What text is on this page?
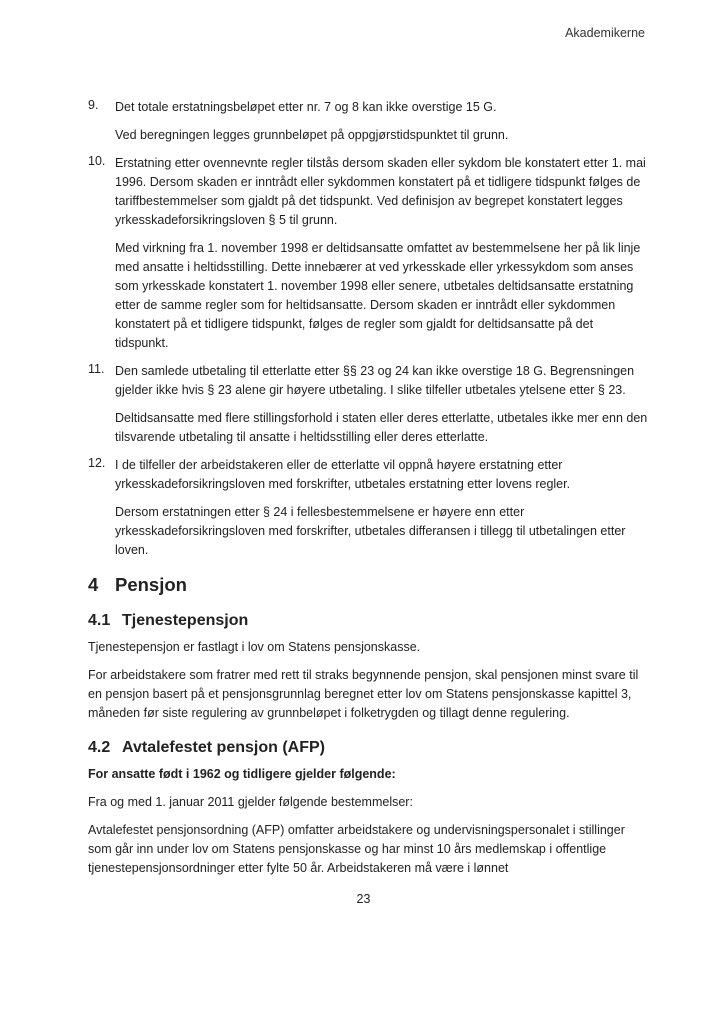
Akademikerne
9. Det totale erstatningsbeløpet etter nr. 7 og 8 kan ikke overstige 15 G.

Ved beregningen legges grunnbeløpet på oppgjørstidspunktet til grunn.

10. Erstatning etter ovennevnte regler tilstås dersom skaden eller sykdom ble konstatert etter 1. mai 1996. Dersom skaden er inntrådt eller sykdommen konstatert på et tidligere tidspunkt følges de tariffbestemmelser som gjaldt på det tidspunkt. Ved definisjon av begrepet konstatert legges yrkesskadeforsikringsloven § 5 til grunn.

Med virkning fra 1. november 1998 er deltidsansatte omfattet av bestemmelsene her på lik linje med ansatte i heltidsstilling. Dette innebærer at ved yrkesskade eller yrkessykdom som anses som yrkesskade konstatert 1. november 1998 eller senere, utbetales deltidsansatte erstatning etter de samme regler som for heltidsansatte. Dersom skaden er inntrådt eller sykdommen konstatert på et tidligere tidspunkt, følges de regler som gjaldt for deltidsansatte på det tidspunkt.

11. Den samlede utbetaling til etterlatte etter §§ 23 og 24 kan ikke overstige 18 G. Begrensningen gjelder ikke hvis § 23 alene gir høyere utbetaling. I slike tilfeller utbetales ytelsene etter § 23.

Deltidsansatte med flere stillingsforhold i staten eller deres etterlatte, utbetales ikke mer enn den tilsvarende utbetaling til ansatte i heltidsstilling eller deres etterlatte.

12. I de tilfeller der arbeidstakeren eller de etterlatte vil oppnå høyere erstatning etter yrkesskadeforsikringsloven med forskrifter, utbetales erstatning etter lovens regler.

Dersom erstatningen etter § 24 i fellesbestemmelsene er høyere enn etter yrkesskadeforsikringsloven med forskrifter, utbetales differansen i tillegg til utbetalingen etter loven.

4 Pensjon
4.1 Tjenestepensjon

Tjenestepensjon er fastlagt i lov om Statens pensjonskasse.

For arbeidstakere som fratrer med rett til straks begynnende pensjon, skal pensjonen minst svare til en pensjon basert på et pensjonsgrunnlag beregnet etter lov om Statens pensjonskasse kapittel 3, måneden før siste regulering av grunnbeløpet i folketrygden og tillagt denne regulering.

4.2 Avtalefestet pensjon (AFP)

For ansatte født i 1962 og tidligere gjelder følgende:

Fra og med 1. januar 2011 gjelder følgende bestemmelser:

Avtalefestet pensjonsordning (AFP) omfatter arbeidstakere og undervisningspersonalet i stillinger som går inn under lov om Statens pensjonskasse og har minst 10 års medlemskap i offentlige tjenestepensjonsordninger etter fylte 50 år. Arbeidstakeren må være i lønnet

23
